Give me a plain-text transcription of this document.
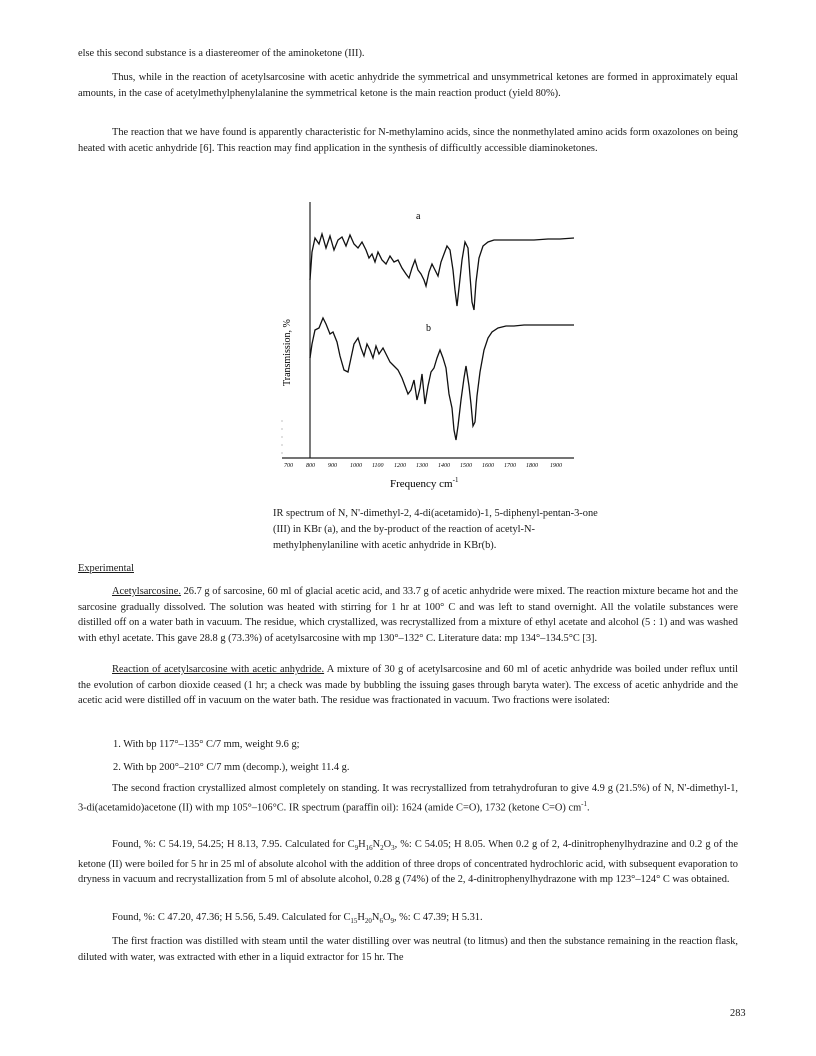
else this second substance is a diastereomer of the aminoketone (III).

Thus, while in the reaction of acetylsarcosine with acetic anhydride the symmetrical and unsymmetrical ketones are formed in approximately equal amounts, in the case of acetylmethylphenylalanine the symmetrical ketone is the main reaction product (yield 80%).

The reaction that we have found is apparently characteristic for N-methylamino acids, since the nonmethylated amino acids form oxazolones on being heated with acetic anhydride [6]. This reaction may find application in the synthesis of difficultly accessible diaminoketones.

a
b
Transmission, %
700 800 900 1000 1100 1200 1300 1400 1500 1600 1700 1800 1900
Frequency $cm^{-1}$

IR spectrum of N, N'-dimethyl-2, 4-di(acetamido)-1, 5-diphenyl-pentan-3-one (III) in KBr (a), and the by-product of the reaction of acetyl-N-methylphenylaniline with acetic anhydride in KBr(b).

Experimental

Acetylsarcosine. 26.7 g of sarcosine, 60 ml of glacial acetic acid, and 33.7 g of acetic anhydride were mixed. The reaction mixture became hot and the sarcosine gradually dissolved. The solution was heated with stirring for 1 hr at 100° C and was left to stand overnight. All the volatile substances were distilled off on a water bath in vacuum. The residue, which crystallized, was recrystallized from a mixture of ethyl acetate and alcohol (5 : 1) and was washed with ethyl acetate. This gave 28.8 g (73.3%) of acetylsarcosine with mp 130°–132° C. Literature data: mp 134°–134.5°C [3].

Reaction of acetylsarcosine with acetic anhydride. A mixture of 30 g of acetylsarcosine and 60 ml of acetic anhydride was boiled under reflux until the evolution of carbon dioxide ceased (1 hr; a check was made by bubbling the issuing gases through baryta water). The excess of acetic anhydride and the acetic acid were distilled off in vacuum on the water bath. The residue was fractionated in vacuum. Two fractions were isolated:

1. With bp 117°–135° C/7 mm, weight 9.6 g;
2. With bp 200°–210° C/7 mm (decomp.), weight 11.4 g.

The second fraction crystallized almost completely on standing. It was recrystallized from tetrahydrofuran to give 4.9 g (21.5%) of N, N'-dimethyl-1, 3-di(acetamido)acetone (II) with mp 105°–106°C. IR spectrum (paraffin oil): 1624 (amide C=O), 1732 (ketone C=O) $cm^{-1}$.

Found, %: C 54.19, 54.25; H 8.13, 7.95. Calculated for $C_9H_{16}N_2O_3$, %: C 54.05; H 8.05. When 0.2 g of 2, 4-dinitrophenylhydrazine and 0.2 g of the ketone (II) were boiled for 5 hr in 25 ml of absolute alcohol with the addition of three drops of concentrated hydrochloric acid, with subsequent evaporation to dryness in vacuum and recrystallization from 5 ml of absolute alcohol, 0.28 g (74%) of the 2, 4-dinitrophenylhydrazone with mp 123°–124° C was obtained.

Found, %: C 47.20, 47.36; H 5.56, 5.49. Calculated for $C_{15}H_{20}N_6O_9$, %: C 47.39; H 5.31.

The first fraction was distilled with steam until the water distilling over was neutral (to litmus) and then the substance remaining in the reaction flask, diluted with water, was extracted with ether in a liquid extractor for 15 hr. The

283
